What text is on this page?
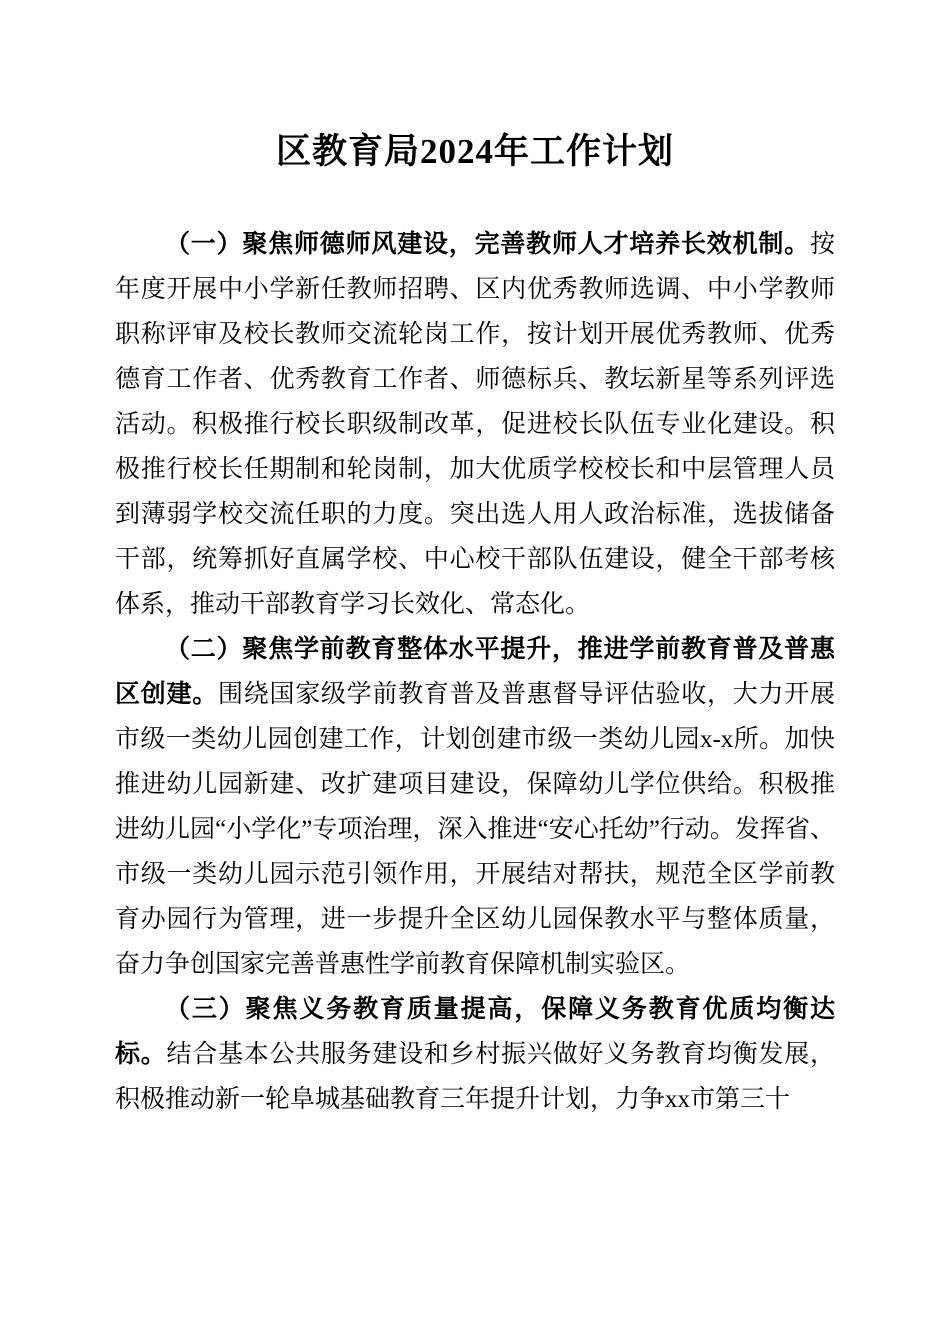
区教育局2024年工作计划

（一）聚焦师德师风建设，完善教师人才培养长效机制。按年度开展中小学新任教师招聘、区内优秀教师选调、中小学教师职称评审及校长教师交流轮岗工作，按计划开展优秀教师、优秀德育工作者、优秀教育工作者、师德标兵、教坛新星等系列评选活动。积极推行校长职级制改革，促进校长队伍专业化建设。积极推行校长任期制和轮岗制，加大优质学校校长和中层管理人员到薄弱学校交流任职的力度。突出选人用人政治标准，选拔储备干部，统筹抓好直属学校、中心校干部队伍建设，健全干部考核体系，推动干部教育学习长效化、常态化。

（二）聚焦学前教育整体水平提升，推进学前教育普及普惠区创建。围绕国家级学前教育普及普惠督导评估验收，大力开展市级一类幼儿园创建工作，计划创建市级一类幼儿园x-x所。加快推进幼儿园新建、改扩建项目建设，保障幼儿学位供给。积极推进幼儿园“小学化”专项治理，深入推进“安心托幼”行动。发挥省、市级一类幼儿园示范引领作用，开展结对帮扶，规范全区学前教育办园行为管理，进一步提升全区幼儿园保教水平与整体质量，奋力争创国家完善普惠性学前教育保障机制实验区。

（三）聚焦义务教育质量提高，保障义务教育优质均衡达标。结合基本公共服务建设和乡村振兴做好义务教育均衡发展，积极推动新一轮阜城基础教育三年提升计划，力争xx市第三十
